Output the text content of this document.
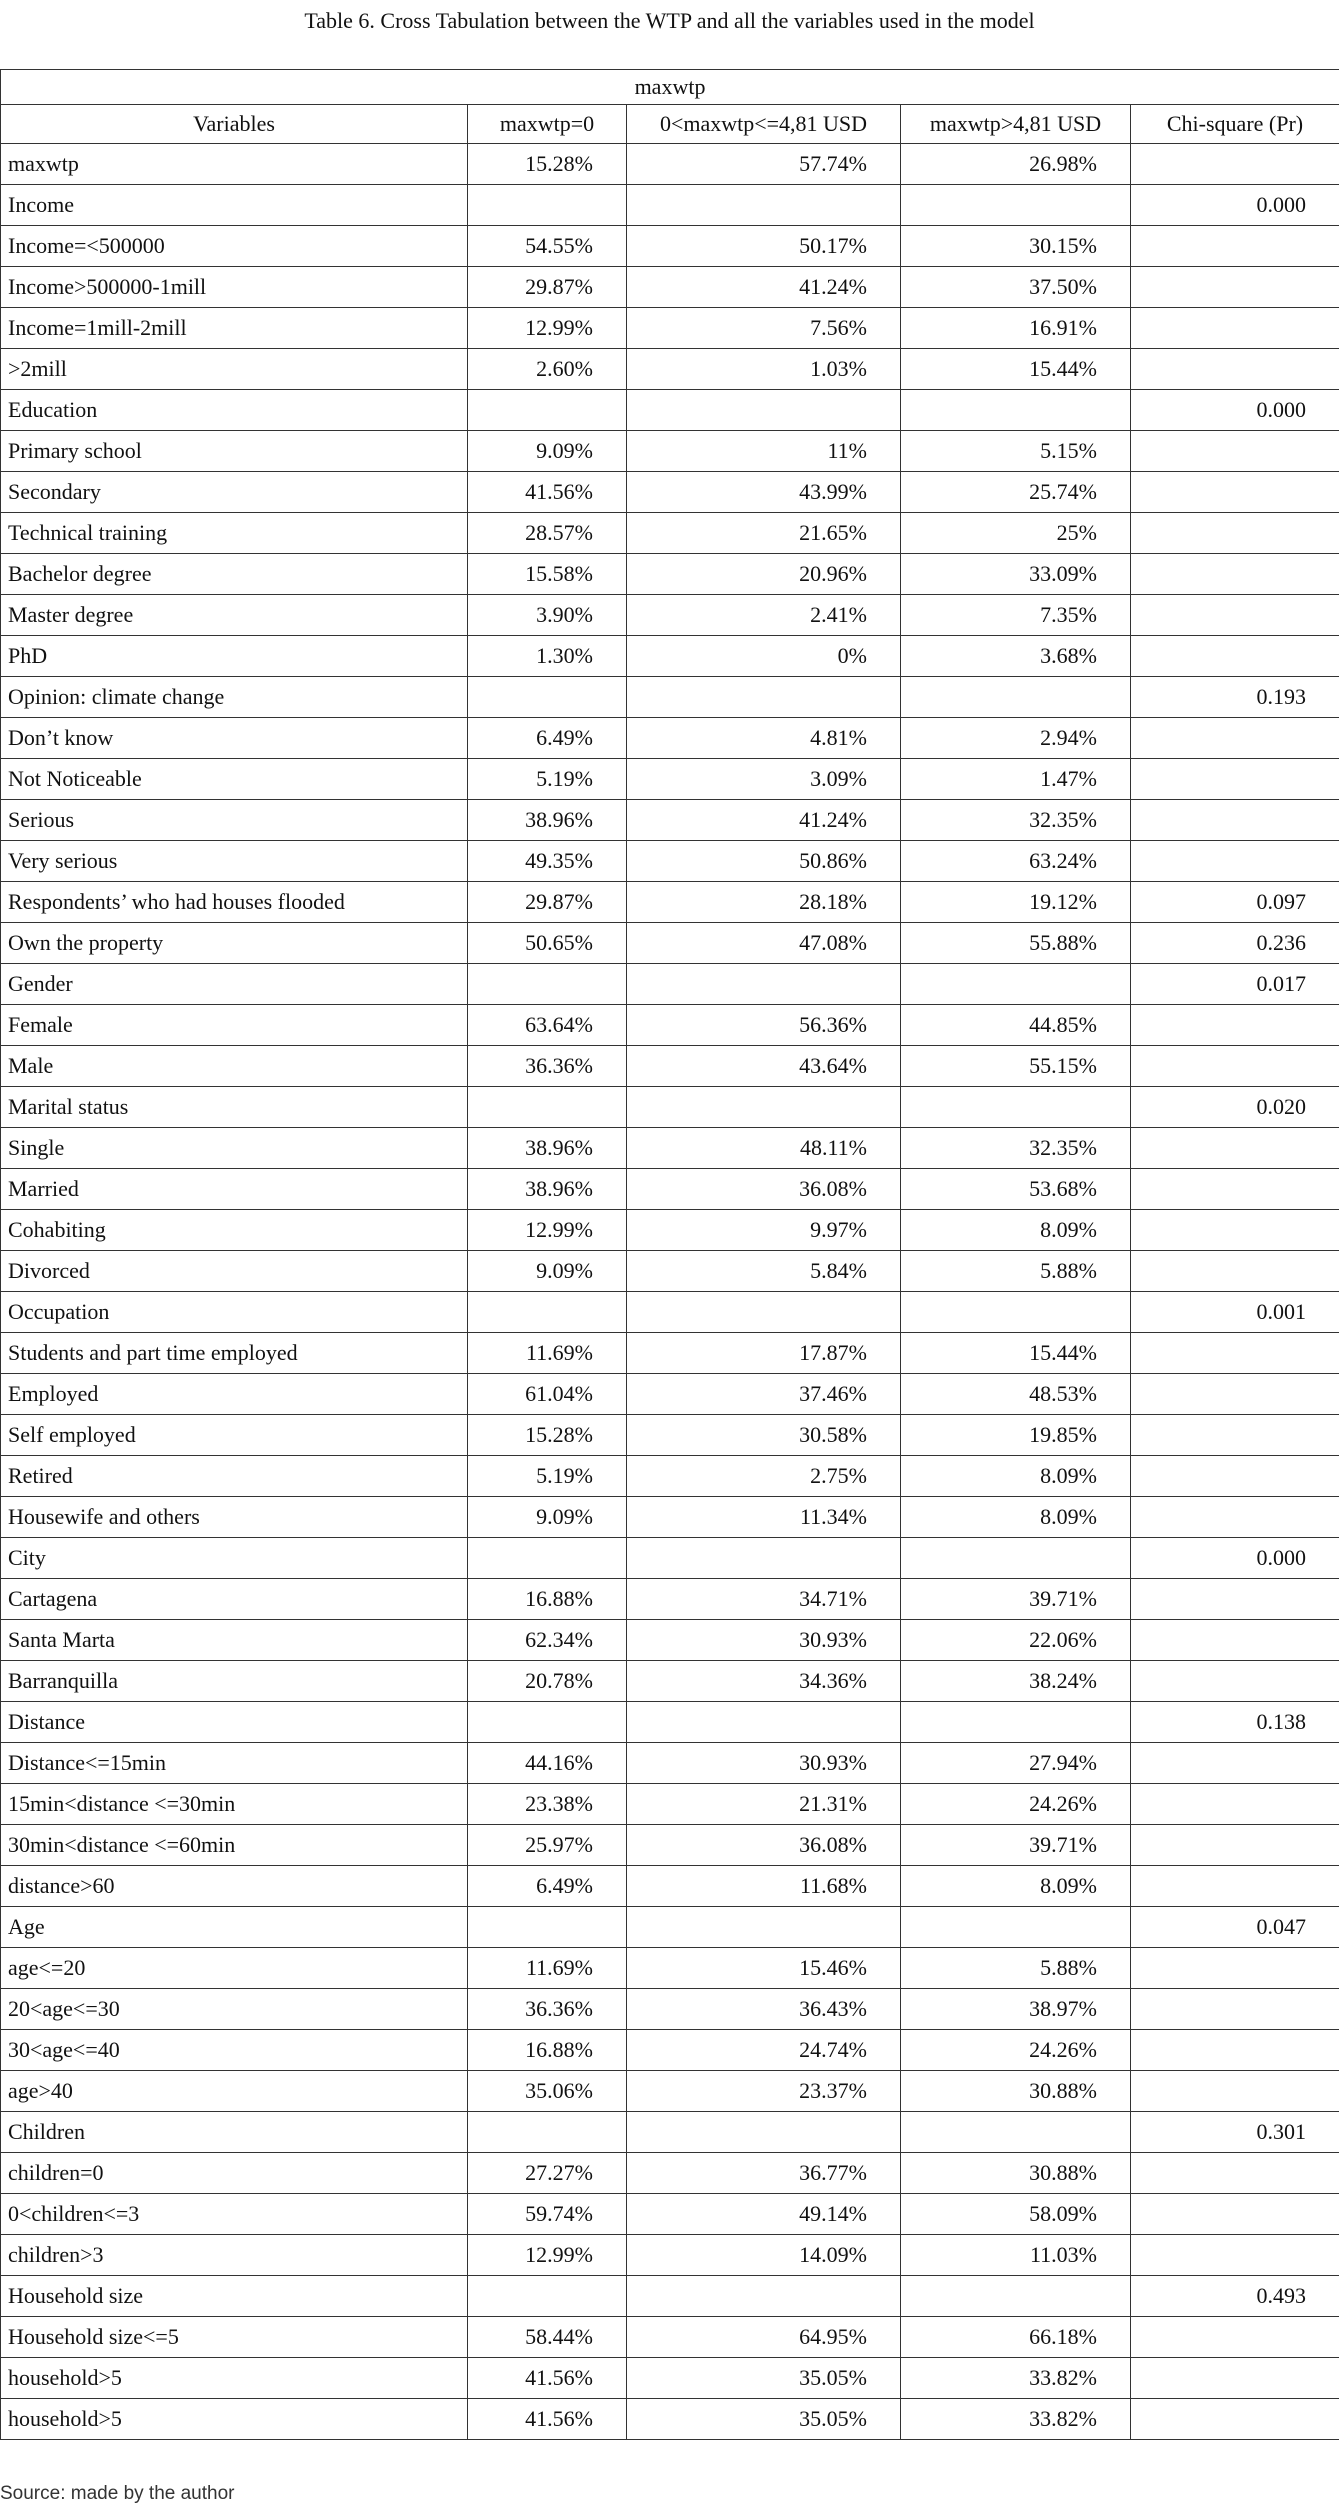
Table 6. Cross Tabulation between the WTP and all the variables used in the model
maxwtp				
Variables	maxwtp=0	0<maxwtp<=4,81 USD	maxwtp>4,81 USD	Chi-square (Pr)
maxwtp	15.28%	57.74%	26.98%	
Income				0.000
Income=<500000	54.55%	50.17%	30.15%	
Income>500000-1mill	29.87%	41.24%	37.50%	
Income=1mill-2mill	12.99%	7.56%	16.91%	
>2mill	2.60%	1.03%	15.44%	
Education				0.000
Primary school	9.09%	11%	5.15%	
Secondary	41.56%	43.99%	25.74%	
Technical training	28.57%	21.65%	25%	
Bachelor degree	15.58%	20.96%	33.09%	
Master degree	3.90%	2.41%	7.35%	
PhD	1.30%	0%	3.68%	
Opinion: climate change				0.193
Don’t know	6.49%	4.81%	2.94%	
Not Noticeable	5.19%	3.09%	1.47%	
Serious	38.96%	41.24%	32.35%	
Very serious	49.35%	50.86%	63.24%	
Respondents’ who had houses flooded	29.87%	28.18%	19.12%	0.097
Own the property	50.65%	47.08%	55.88%	0.236
Gender				0.017
Female	63.64%	56.36%	44.85%	
Male	36.36%	43.64%	55.15%	
Marital status				0.020
Single	38.96%	48.11%	32.35%	
Married	38.96%	36.08%	53.68%	
Cohabiting	12.99%	9.97%	8.09%	
Divorced	9.09%	5.84%	5.88%	
Occupation				0.001
Students and part time employed	11.69%	17.87%	15.44%	
Employed	61.04%	37.46%	48.53%	
Self employed	15.28%	30.58%	19.85%	
Retired	5.19%	2.75%	8.09%	
Housewife and others	9.09%	11.34%	8.09%	
City				0.000
Cartagena	16.88%	34.71%	39.71%	
Santa Marta	62.34%	30.93%	22.06%	
Barranquilla	20.78%	34.36%	38.24%	
Distance				0.138
Distance<=15min	44.16%	30.93%	27.94%	
15min<distance <=30min	23.38%	21.31%	24.26%	
30min<distance <=60min	25.97%	36.08%	39.71%	
distance>60	6.49%	11.68%	8.09%	
Age				0.047
age<=20	11.69%	15.46%	5.88%	
20<age<=30	36.36%	36.43%	38.97%	
30<age<=40	16.88%	24.74%	24.26%	
age>40	35.06%	23.37%	30.88%	
Children				0.301
children=0	27.27%	36.77%	30.88%	
0<children<=3	59.74%	49.14%	58.09%	
children>3	12.99%	14.09%	11.03%	
Household size				0.493
Household size<=5	58.44%	64.95%	66.18%	
household>5	41.56%	35.05%	33.82%	
household>5	41.56%	35.05%	33.82%	
Source: made by the author
